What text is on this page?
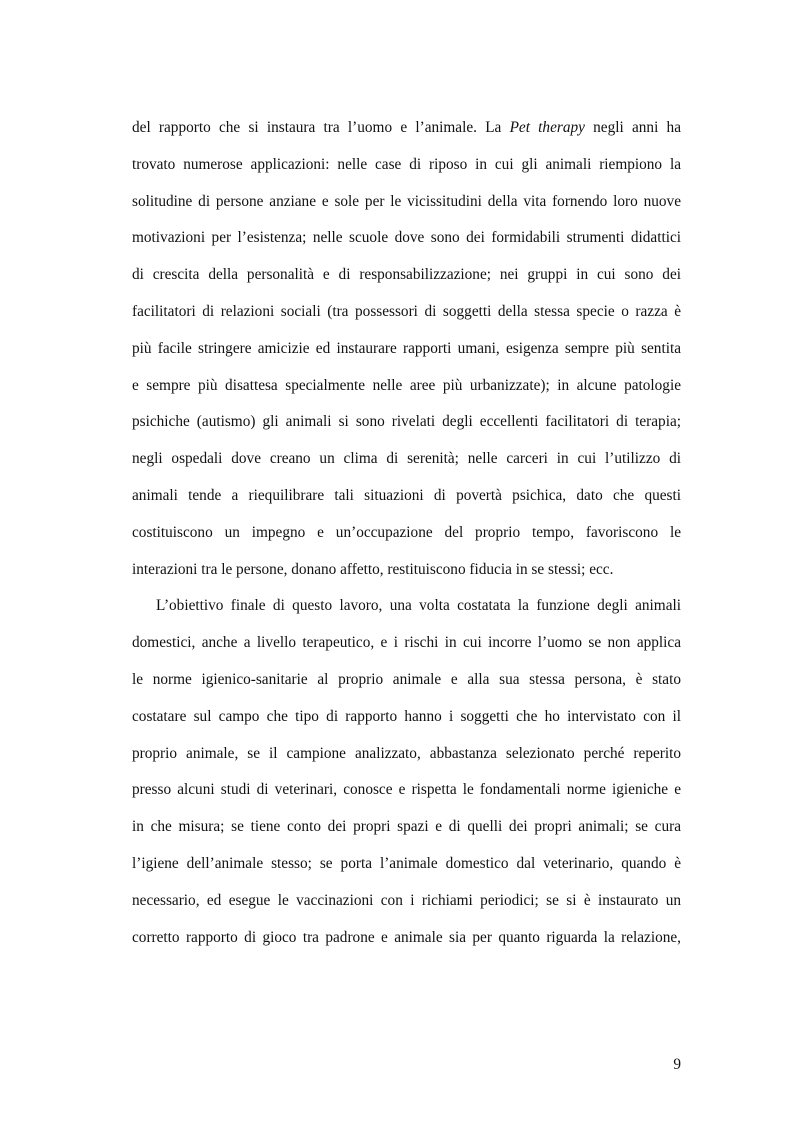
del rapporto che si instaura tra l’uomo e l’animale. La Pet therapy negli anni ha
trovato numerose applicazioni: nelle case di riposo in cui gli animali riempiono la
solitudine di persone anziane e sole per le vicissitudini della vita fornendo loro nuove
motivazioni per l’esistenza; nelle scuole dove sono dei formidabili strumenti didattici
di crescita della personalità e di responsabilizzazione; nei gruppi in cui sono dei
facilitatori di relazioni sociali (tra possessori di soggetti della stessa specie o razza è
più facile stringere amicizie ed instaurare rapporti umani, esigenza sempre più sentita
e sempre più disattesa specialmente nelle aree più urbanizzate); in alcune patologie
psichiche (autismo) gli animali si sono rivelati degli eccellenti facilitatori di terapia;
negli ospedali dove creano un clima di serenità; nelle carceri in cui l’utilizzo di
animali tende a riequilibrare tali situazioni di povertà psichica, dato che questi
costituiscono un impegno e un’occupazione del proprio tempo, favoriscono le
interazioni tra le persone, donano affetto, restituiscono fiducia in se stessi; ecc.

L’obiettivo finale di questo lavoro, una volta costatata la funzione degli animali
domestici, anche a livello terapeutico, e i rischi in cui incorre l’uomo se non applica
le norme igienico-sanitarie al proprio animale e alla sua stessa persona, è stato
costatare sul campo che tipo di rapporto hanno i soggetti che ho intervistato con il
proprio animale, se il campione analizzato, abbastanza selezionato perché reperito
presso alcuni studi di veterinari, conosce e rispetta le fondamentali norme igieniche e
in che misura; se tiene conto dei propri spazi e di quelli dei propri animali; se cura
l’igiene dell’animale stesso; se porta l’animale domestico dal veterinario, quando è
necessario, ed esegue le vaccinazioni con i richiami periodici; se si è instaurato un
corretto rapporto di gioco tra padrone e animale sia per quanto riguarda la relazione,

9
